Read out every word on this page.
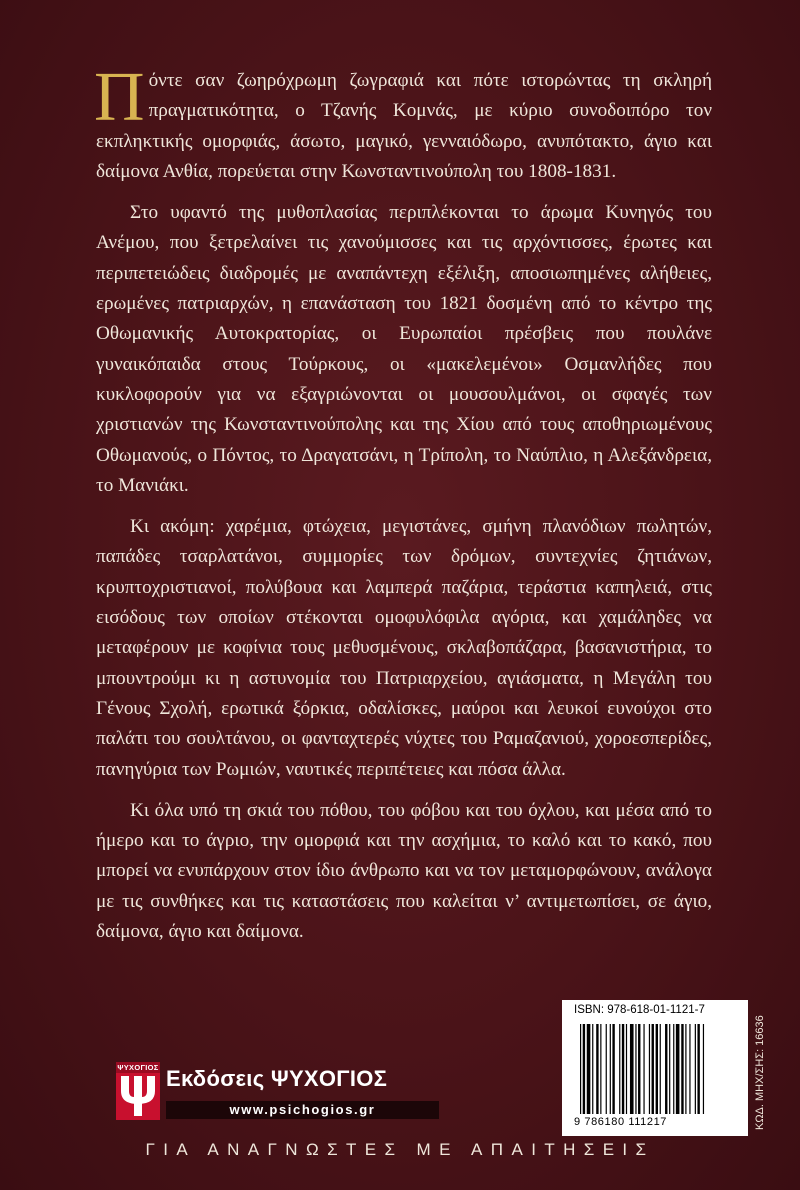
Πόντε σαν ζωηρόχρωμη ζωγραφιά και πότε ιστορώντας τη σκληρή πραγματικότητα, ο Τζανής Κομνάς, με κύριο συνοδοιπόρο τον εκπληκτικής ομορφιάς, άσωτο, μαγικό, γενναιόδωρο, ανυπότακτο, άγιο και δαίμονα Ανθία, πορεύεται στην Κωνσταντινούπολη του 1808-1831.

Στο υφαντό της μυθοπλασίας περιπλέκονται το άρωμα Κυνηγός του Ανέμου, που ξετρελαίνει τις χανούμισσες και τις αρχόντισσες, έρωτες και περιπετειώδεις διαδρομές με αναπάντεχη εξέλιξη, αποσιωπημένες αλήθειες, ερωμένες πατριαρχών, η επανάσταση του 1821 δοσμένη από το κέντρο της Οθωμανικής Αυτοκρατορίας, οι Ευρωπαίοι πρέσβεις που πουλάνε γυναικόπαιδα στους Τούρκους, οι «μακελεμένοι» Οσμανλήδες που κυκλοφορούν για να εξαγριώνονται οι μουσουλμάνοι, οι σφαγές των χριστιανών της Κωνσταντινούπολης και της Χίου από τους αποθηριωμένους Οθωμανούς, ο Πόντος, το Δραγατσάνι, η Τρίπολη, το Ναύπλιο, η Αλεξάνδρεια, το Μανιάκι.

Κι ακόμη: χαρέμια, φτώχεια, μεγιστάνες, σμήνη πλανόδιων πωλητών, παπάδες τσαρλατάνοι, συμμορίες των δρόμων, συντεχνίες ζητιάνων, κρυπτοχριστιανοί, πολύβουα και λαμπερά παζάρια, τεράστια καπηλειά, στις εισόδους των οποίων στέκονται ομοφυλόφιλα αγόρια, και χαμάληδες να μεταφέρουν με κοφίνια τους μεθυσμένους, σκλαβοπάζαρα, βασανιστήρια, το μπουντρούμι κι η αστυνομία του Πατριαρχείου, αγιάσματα, η Μεγάλη του Γένους Σχολή, ερωτικά ξόρκια, οδαλίσκες, μαύροι και λευκοί ευνούχοι στο παλάτι του σουλτάνου, οι φανταχτερές νύχτες του Ραμαζανιού, χοροεσπερίδες, πανηγύρια των Ρωμιών, ναυτικές περιπέτειες και πόσα άλλα.

Κι όλα υπό τη σκιά του πόθου, του φόβου και του όχλου, και μέσα από το ήμερο και το άγριο, την ομορφιά και την ασχήμια, το καλό και το κακό, που μπορεί να ενυπάρχουν στον ίδιο άνθρωπο και να τον μεταμορφώνουν, ανάλογα με τις συνθήκες και τις καταστάσεις που καλείται ν’ αντιμετωπίσει, σε άγιο, δαίμονα, άγιο και δαίμονα.

ΨΥΧΟΓΙΟΣ Εκδόσεις ΨΥΧΟΓΙΟΣ
www.psichogios.gr
ISBN: 978-618-01-1121-7
9 786180 111217	ΚΩΔ. ΜΗΧ/ΣΗΣ: 16636
ΓΙΑ ΑΝΑΓΝΩΣΤΕΣ ΜΕ ΑΠΑΙΤΗΣΕΙΣ
